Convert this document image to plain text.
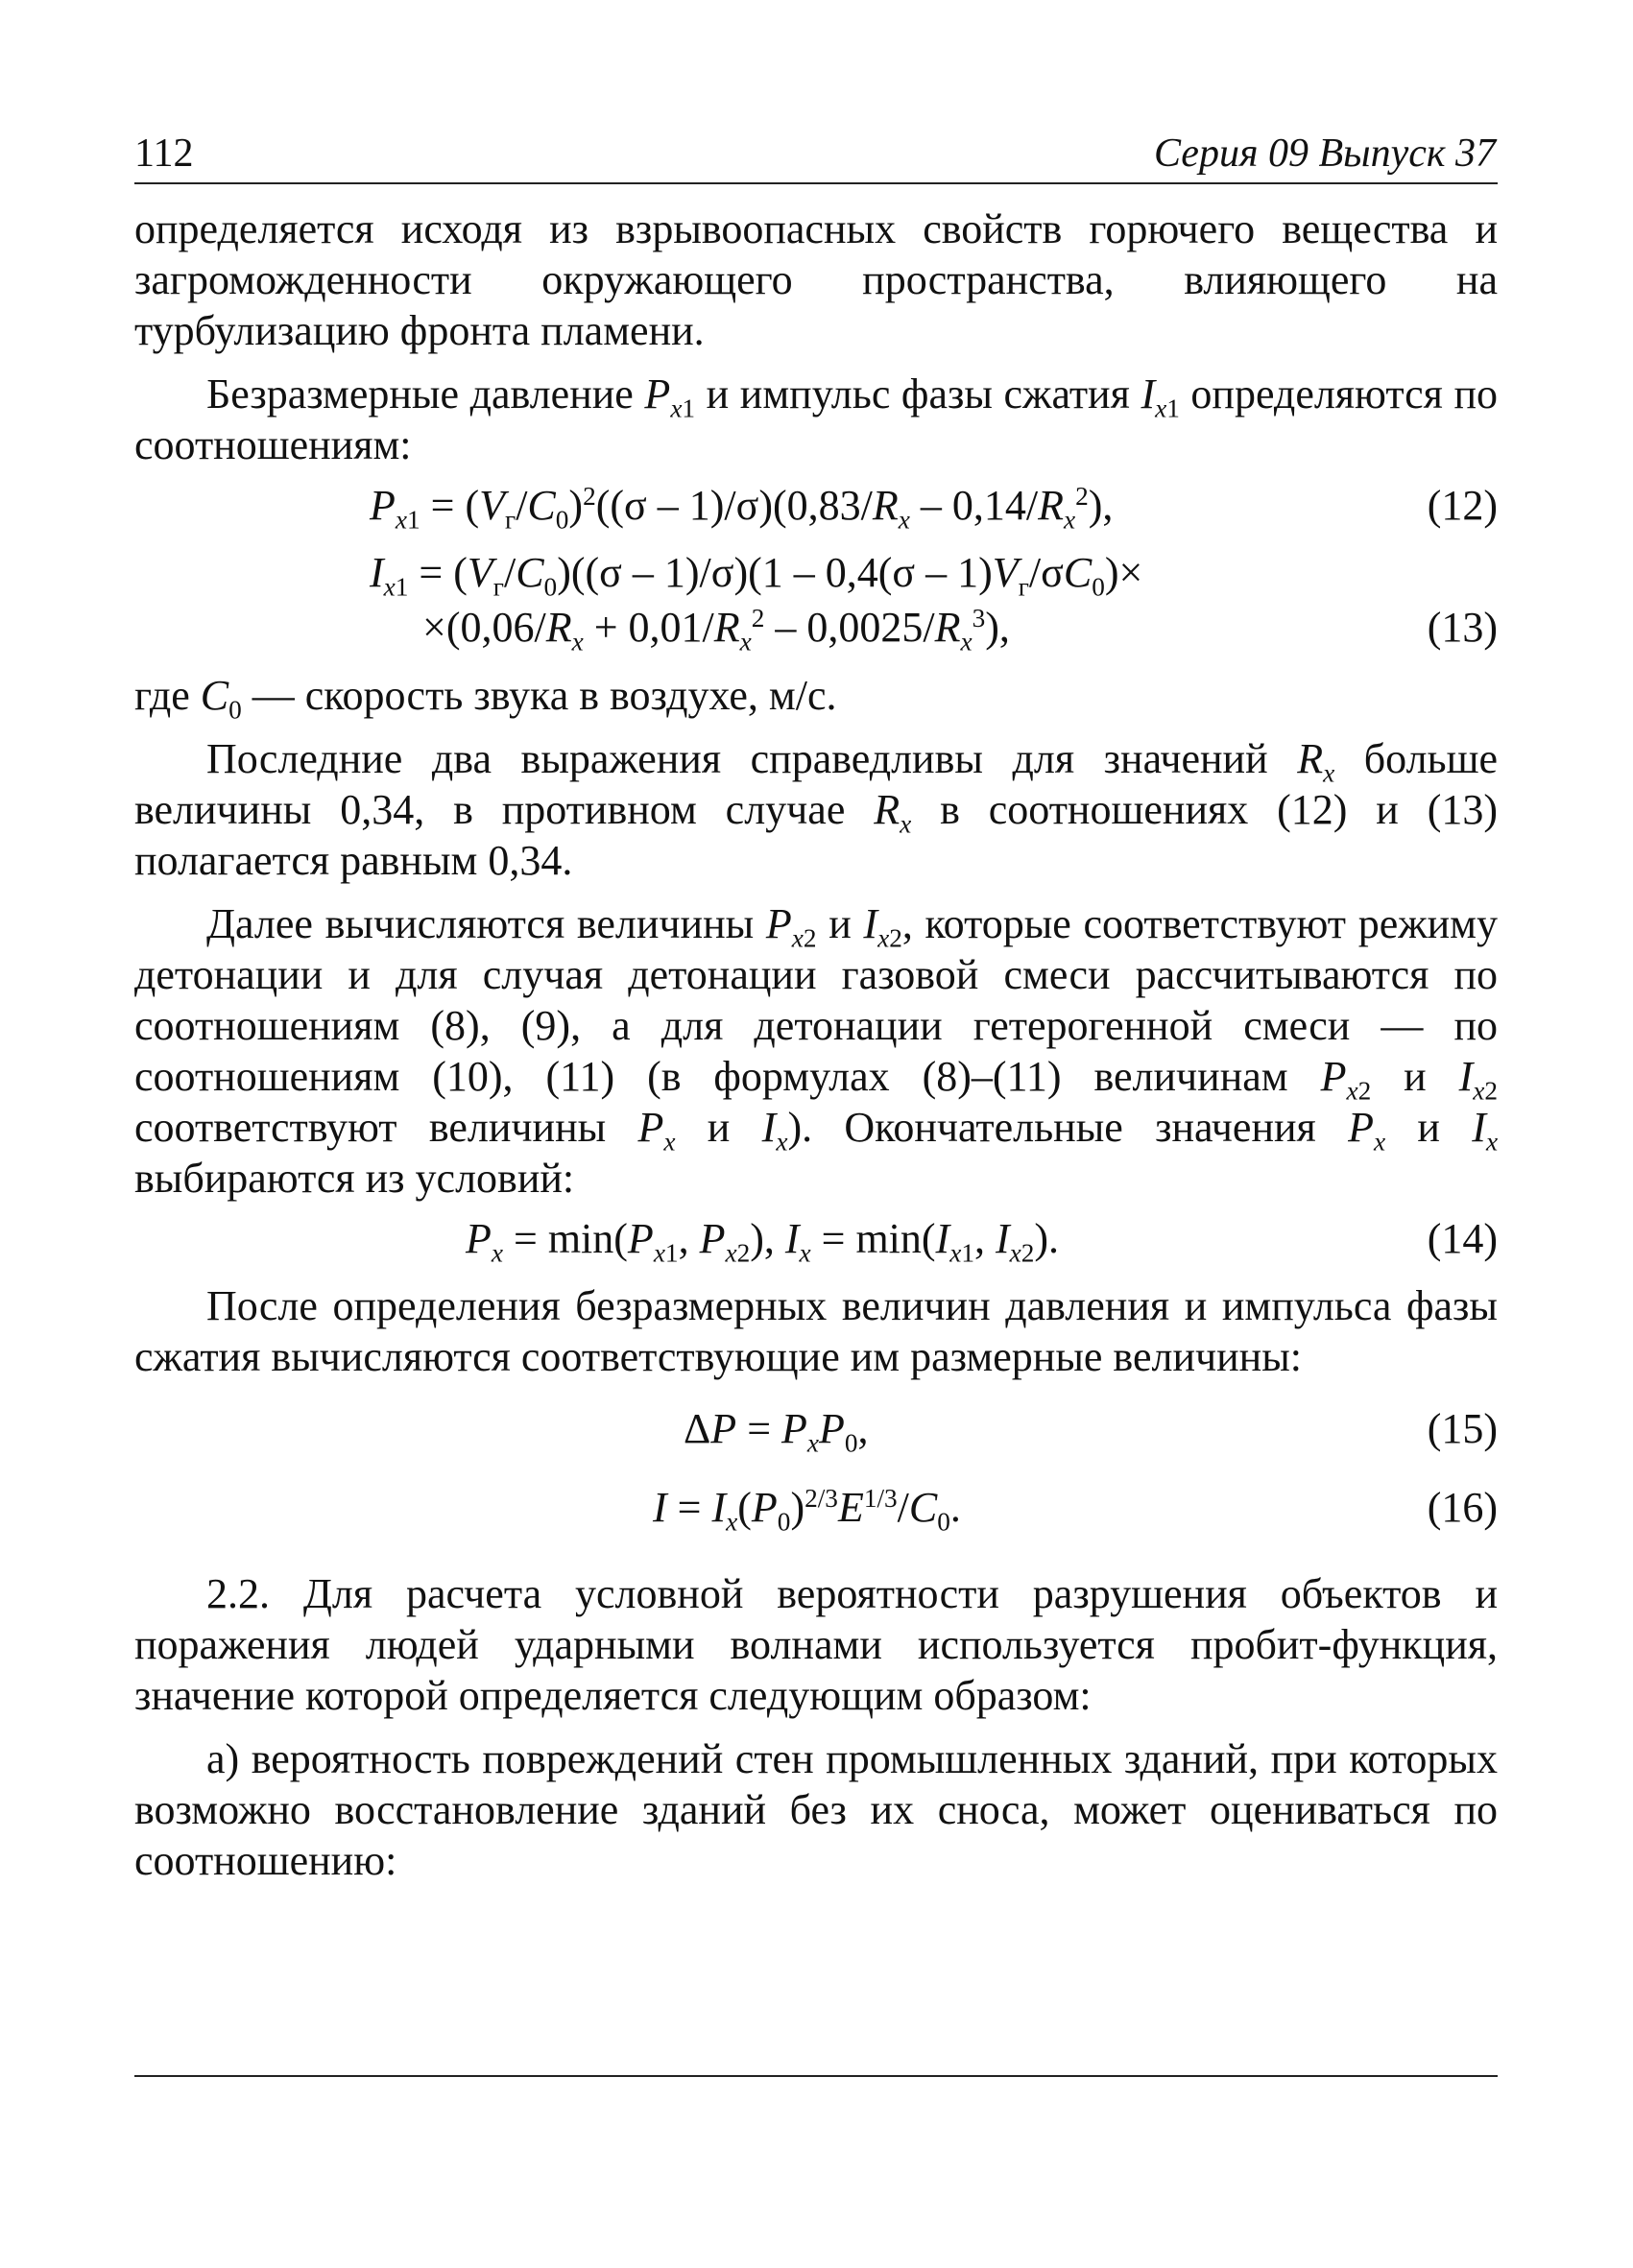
112	Серия 09 Выпуск 37

определяется исходя из взрывоопасных свойств горючего вещества и загроможденности окружающего пространства, влияющего на турбулизацию фронта пламени.

Безразмерные давление $P_{x1}$ и импульс фазы сжатия $I_{x1}$ определяются по соотношениям:

$P_{x1} = (V_г/C_0)^2((\sigma - 1)/\sigma)(0,83/R_x - 0,14/R_x^2)$,	(12)
$I_{x1} = (V_г/C_0)((\sigma - 1)/\sigma)(1 - 0,4(\sigma - 1)V_г/\sigma C_0)\times$
$\times(0,06/R_x + 0,01/R_x^2 - 0,0025/R_x^3)$,	(13)

где $C_0$ — скорость звука в воздухе, м/с.

Последние два выражения справедливы для значений $R_x$ больше величины 0,34, в противном случае $R_x$ в соотношениях (12) и (13) полагается равным 0,34.

Далее вычисляются величины $P_{x2}$ и $I_{x2}$, которые соответствуют режиму детонации и для случая детонации газовой смеси рассчитываются по соотношениям (8), (9), а для детонации гетерогенной смеси — по соотношениям (10), (11) (в формулах (8)–(11) величинам $P_{x2}$ и $I_{x2}$ соответствуют величины $P_x$ и $I_x$). Окончательные значения $P_x$ и $I_x$ выбираются из условий:

$P_x = \min(P_{x1}$, $P_{x2}$), $I_x = \min(I_{x1}$, $I_{x2}$).	(14)

После определения безразмерных величин давления и импульса фазы сжатия вычисляются соответствующие им размерные величины:

$\Delta P = P_xP_0$,	(15)
$I = I_x(P_0)^{2/3}E^{1/3}/C_0$.	(16)

2.2. Для расчета условной вероятности разрушения объектов и поражения людей ударными волнами используется пробит-функция, значение которой определяется следующим образом:

а) вероятность повреждений стен промышленных зданий, при которых возможно восстановление зданий без их сноса, может оцениваться по соотношению:
